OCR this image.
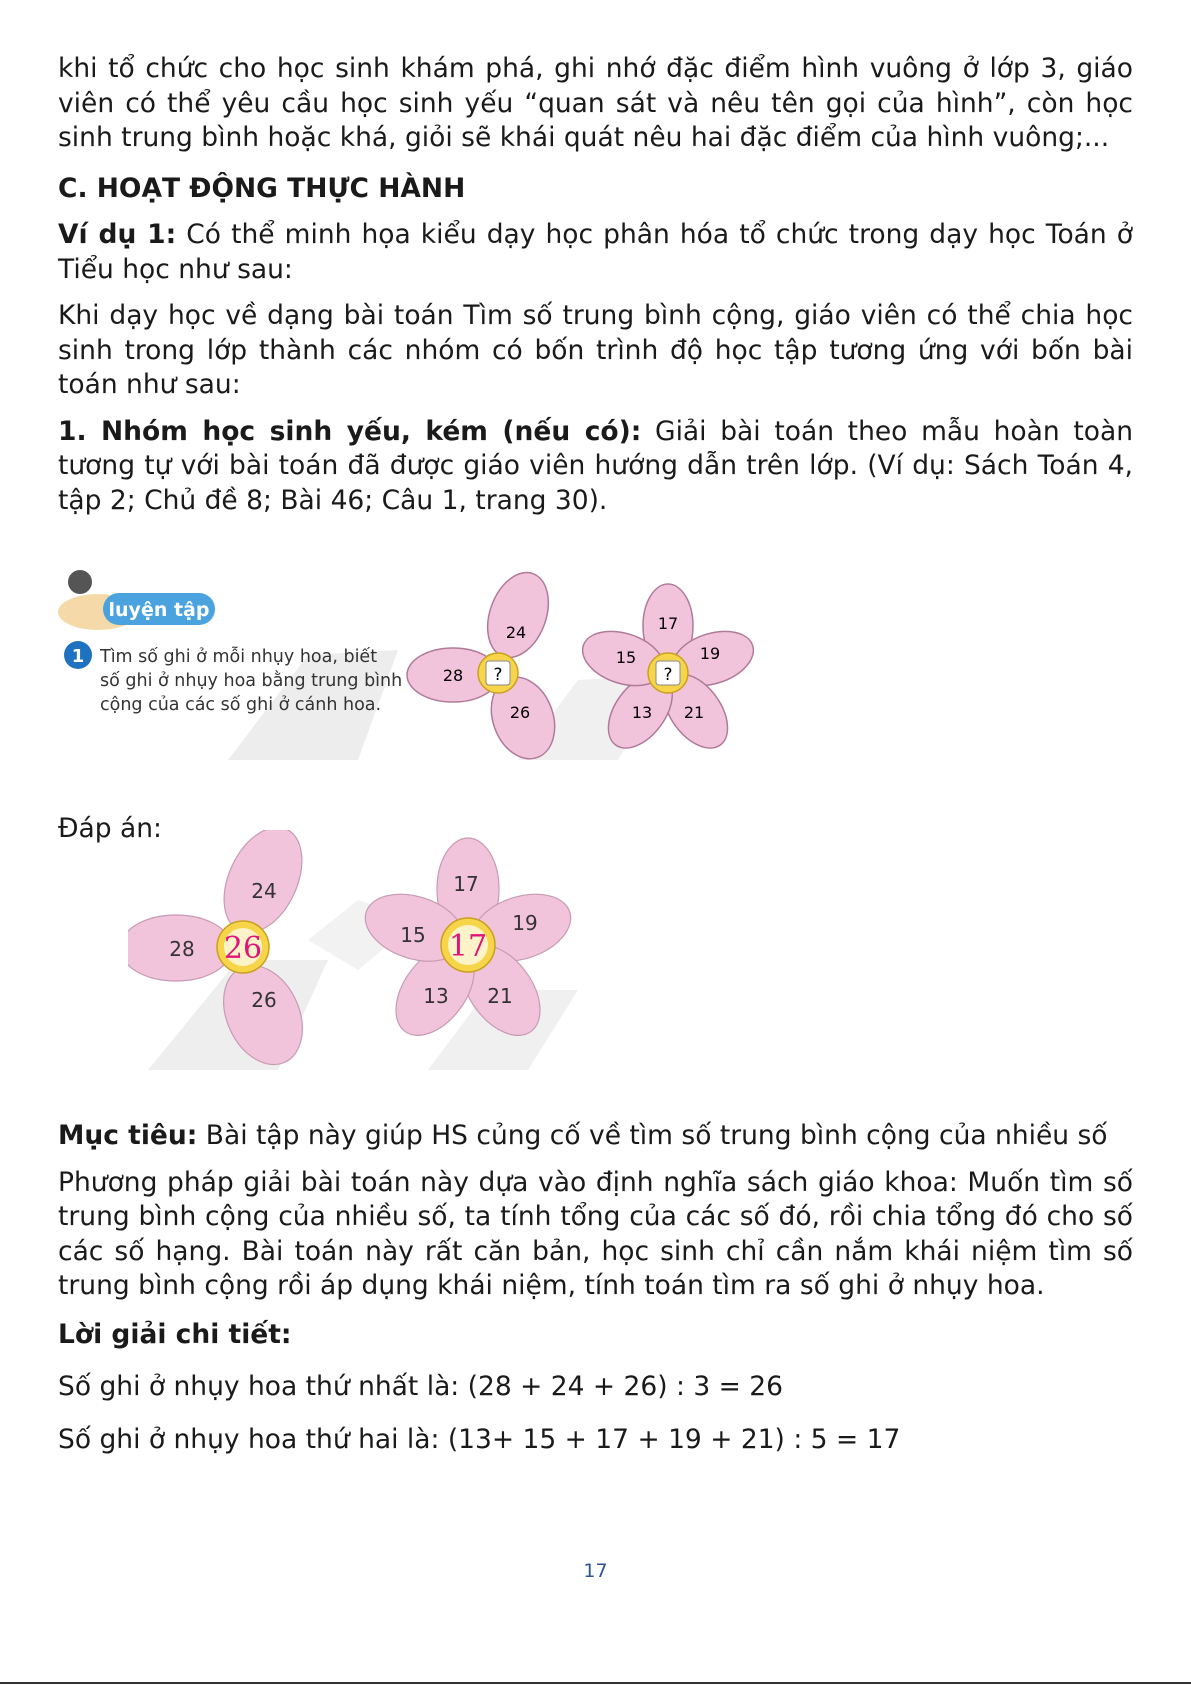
khi tổ chức cho học sinh khám phá, ghi nhớ đặc điểm hình vuông ở lớp 3, giáo viên có thể yêu cầu học sinh yếu “quan sát và nêu tên gọi của hình”, còn học sinh trung bình hoặc khá, giỏi sẽ khái quát nêu hai đặc điểm của hình vuông;...

C. HOẠT ĐỘNG THỰC HÀNH

Ví dụ 1: Có thể minh họa kiểu dạy học phân hóa tổ chức trong dạy học Toán ở Tiểu học như sau:

Khi dạy học về dạng bài toán Tìm số trung bình cộng, giáo viên có thể chia học sinh trong lớp thành các nhóm có bốn trình độ học tập tương ứng với bốn bài toán như sau:

1. Nhóm học sinh yếu, kém (nếu có): Giải bài toán theo mẫu hoàn toàn tương tự với bài toán đã được giáo viên hướng dẫn trên lớp. (Ví dụ: Sách Toán 4, tập 2; Chủ đề 8; Bài 46; Câu 1, trang 30).

luyện tập
1 Tìm số ghi ở mỗi nhụy hoa, biết
số ghi ở nhụy hoa bằng trung bình
cộng của các số ghi ở cánh hoa.
?
24
28
26
?
17
19
21
13
15

Đáp án:

26
24
28
26
17
17
19
21
13
15

Mục tiêu: Bài tập này giúp HS củng cố về tìm số trung bình cộng của nhiều số

Phương pháp giải bài toán này dựa vào định nghĩa sách giáo khoa: Muốn tìm số trung bình cộng của nhiều số, ta tính tổng của các số đó, rồi chia tổng đó cho số các số hạng. Bài toán này rất căn bản, học sinh chỉ cần nắm khái niệm tìm số trung bình cộng rồi áp dụng khái niệm, tính toán tìm ra số ghi ở nhụy hoa.

Lời giải chi tiết:

Số ghi ở nhụy hoa thứ nhất là: (28 + 24 + 26) : 3 = 26

Số ghi ở nhụy hoa thứ hai là: (13+ 15 + 17 + 19 + 21) : 5 = 17

17
